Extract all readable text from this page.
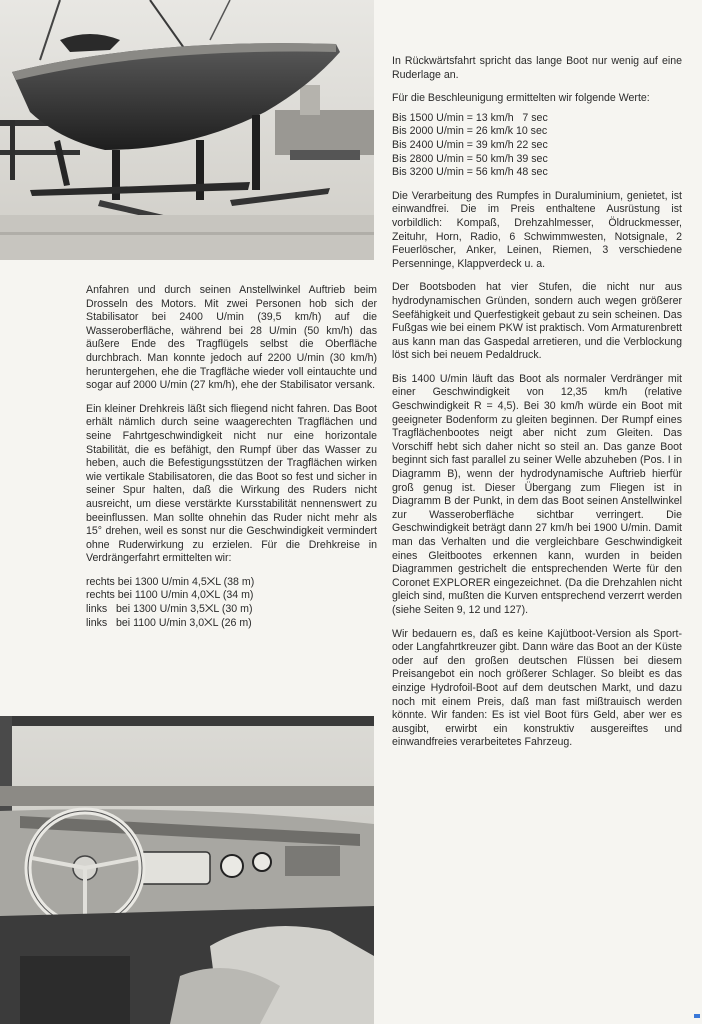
Anfahren und durch seinen Anstellwinkel Auftrieb beim Drosseln des Motors. Mit zwei Personen hob sich der Stabilisator bei 2400 U/min (39,5 km/h) auf die Wasseroberfläche, während bei 28 U/min (50 km/h) das äußere Ende des Tragflügels selbst die Oberfläche durchbrach. Man konnte jedoch auf 2200 U/min (30 km/h) heruntergehen, ehe die Tragfläche wieder voll eintauchte und sogar auf 2000 U/min (27 km/h), ehe der Stabilisator versank.

Ein kleiner Drehkreis läßt sich fliegend nicht fahren. Das Boot erhält nämlich durch seine waagerechten Tragflächen und seine Fahrtgeschwindigkeit nicht nur eine horizontale Stabilität, die es befähigt, den Rumpf über das Wasser zu heben, auch die Befestigungsstützen der Tragflächen wirken wie vertikale Stabilisatoren, die das Boot so fest und sicher in seiner Spur halten, daß die Wirkung des Ruders nicht ausreicht, um diese verstärkte Kursstabilität nennenswert zu beeinflussen. Man sollte ohnehin das Ruder nicht mehr als 15° drehen, weil es sonst nur die Geschwindigkeit vermindert ohne Ruderwirkung zu erzielen. Für die Drehkreise in Verdrängerfahrt ermittelten wir:

rechts bei 1300 U/min 4,5⨉L (38 m)
rechts bei 1100 U/min 4,0⨉L (34 m)
links   bei 1300 U/min 3,5⨉L (30 m)
links   bei 1100 U/min 3,0⨉L (26 m)

In Rückwärtsfahrt spricht das lange Boot nur wenig auf eine Ruderlage an.

Für die Beschleunigung ermittelten wir folgende Werte:

Bis 1500 U/min = 13 km/h   7 sec
Bis 2000 U/min = 26 km/k 10 sec
Bis 2400 U/min = 39 km/h 22 sec
Bis 2800 U/min = 50 km/h 39 sec
Bis 3200 U/min = 56 km/h 48 sec

Die Verarbeitung des Rumpfes in Duraluminium, genietet, ist einwandfrei. Die im Preis enthaltene Ausrüstung ist vorbildlich: Kompaß, Drehzahlmesser, Öldruckmesser, Zeituhr, Horn, Radio, 6 Schwimmwesten, Notsignale, 2 Feuerlöscher, Anker, Leinen, Riemen, 3 verschiedene Persenninge, Klappverdeck u. a.

Der Bootsboden hat vier Stufen, die nicht nur aus hydrodynamischen Gründen, sondern auch wegen größerer Seefähigkeit und Querfestigkeit gebaut zu sein scheinen. Das Fußgas wie bei einem PKW ist praktisch. Vom Armaturenbrett aus kann man das Gaspedal arretieren, und die Verblockung löst sich bei neuem Pedaldruck.

Bis 1400 U/min läuft das Boot als normaler Verdränger mit einer Geschwindigkeit von 12,35 km/h (relative Geschwindigkeit R = 4,5). Bei 30 km/h würde ein Boot mit geeigneter Bodenform zu gleiten beginnen. Der Rumpf eines Tragflächenbootes neigt aber nicht zum Gleiten. Das Vorschiff hebt sich daher nicht so steil an. Das ganze Boot beginnt sich fast parallel zu seiner Welle abzuheben (Pos. I in Diagramm B), wenn der hydrodynamische Auftrieb hierfür groß genug ist. Dieser Übergang zum Fliegen ist in Diagramm B der Punkt, in dem das Boot seinen Anstellwinkel zur Wasseroberfläche sichtbar verringert. Die Geschwindigkeit beträgt dann 27 km/h bei 1900 U/min. Damit man das Verhalten und die vergleichbare Geschwindigkeit eines Gleitbootes erkennen kann, wurden in beiden Diagrammen gestrichelt die entsprechenden Werte für den Coronet EXPLORER eingezeichnet. (Da die Drehzahlen nicht gleich sind, mußten die Kurven entsprechend verzerrt werden (siehe Seiten 9, 12 und 127).

Wir bedauern es, daß es keine Kajütboot-Version als Sport- oder Langfahrtkreuzer gibt. Dann wäre das Boot an der Küste oder auf den großen deutschen Flüssen bei diesem Preisangebot ein noch größerer Schlager. So bleibt es das einzige Hydrofoil-Boot auf dem deutschen Markt, und dazu noch mit einem Preis, daß man fast mißtrauisch werden könnte. Wir fanden: Es ist viel Boot fürs Geld, aber wer es ausgibt, erwirbt ein konstruktiv ausgereiftes und einwandfreies verarbeitetes Fahrzeug.
